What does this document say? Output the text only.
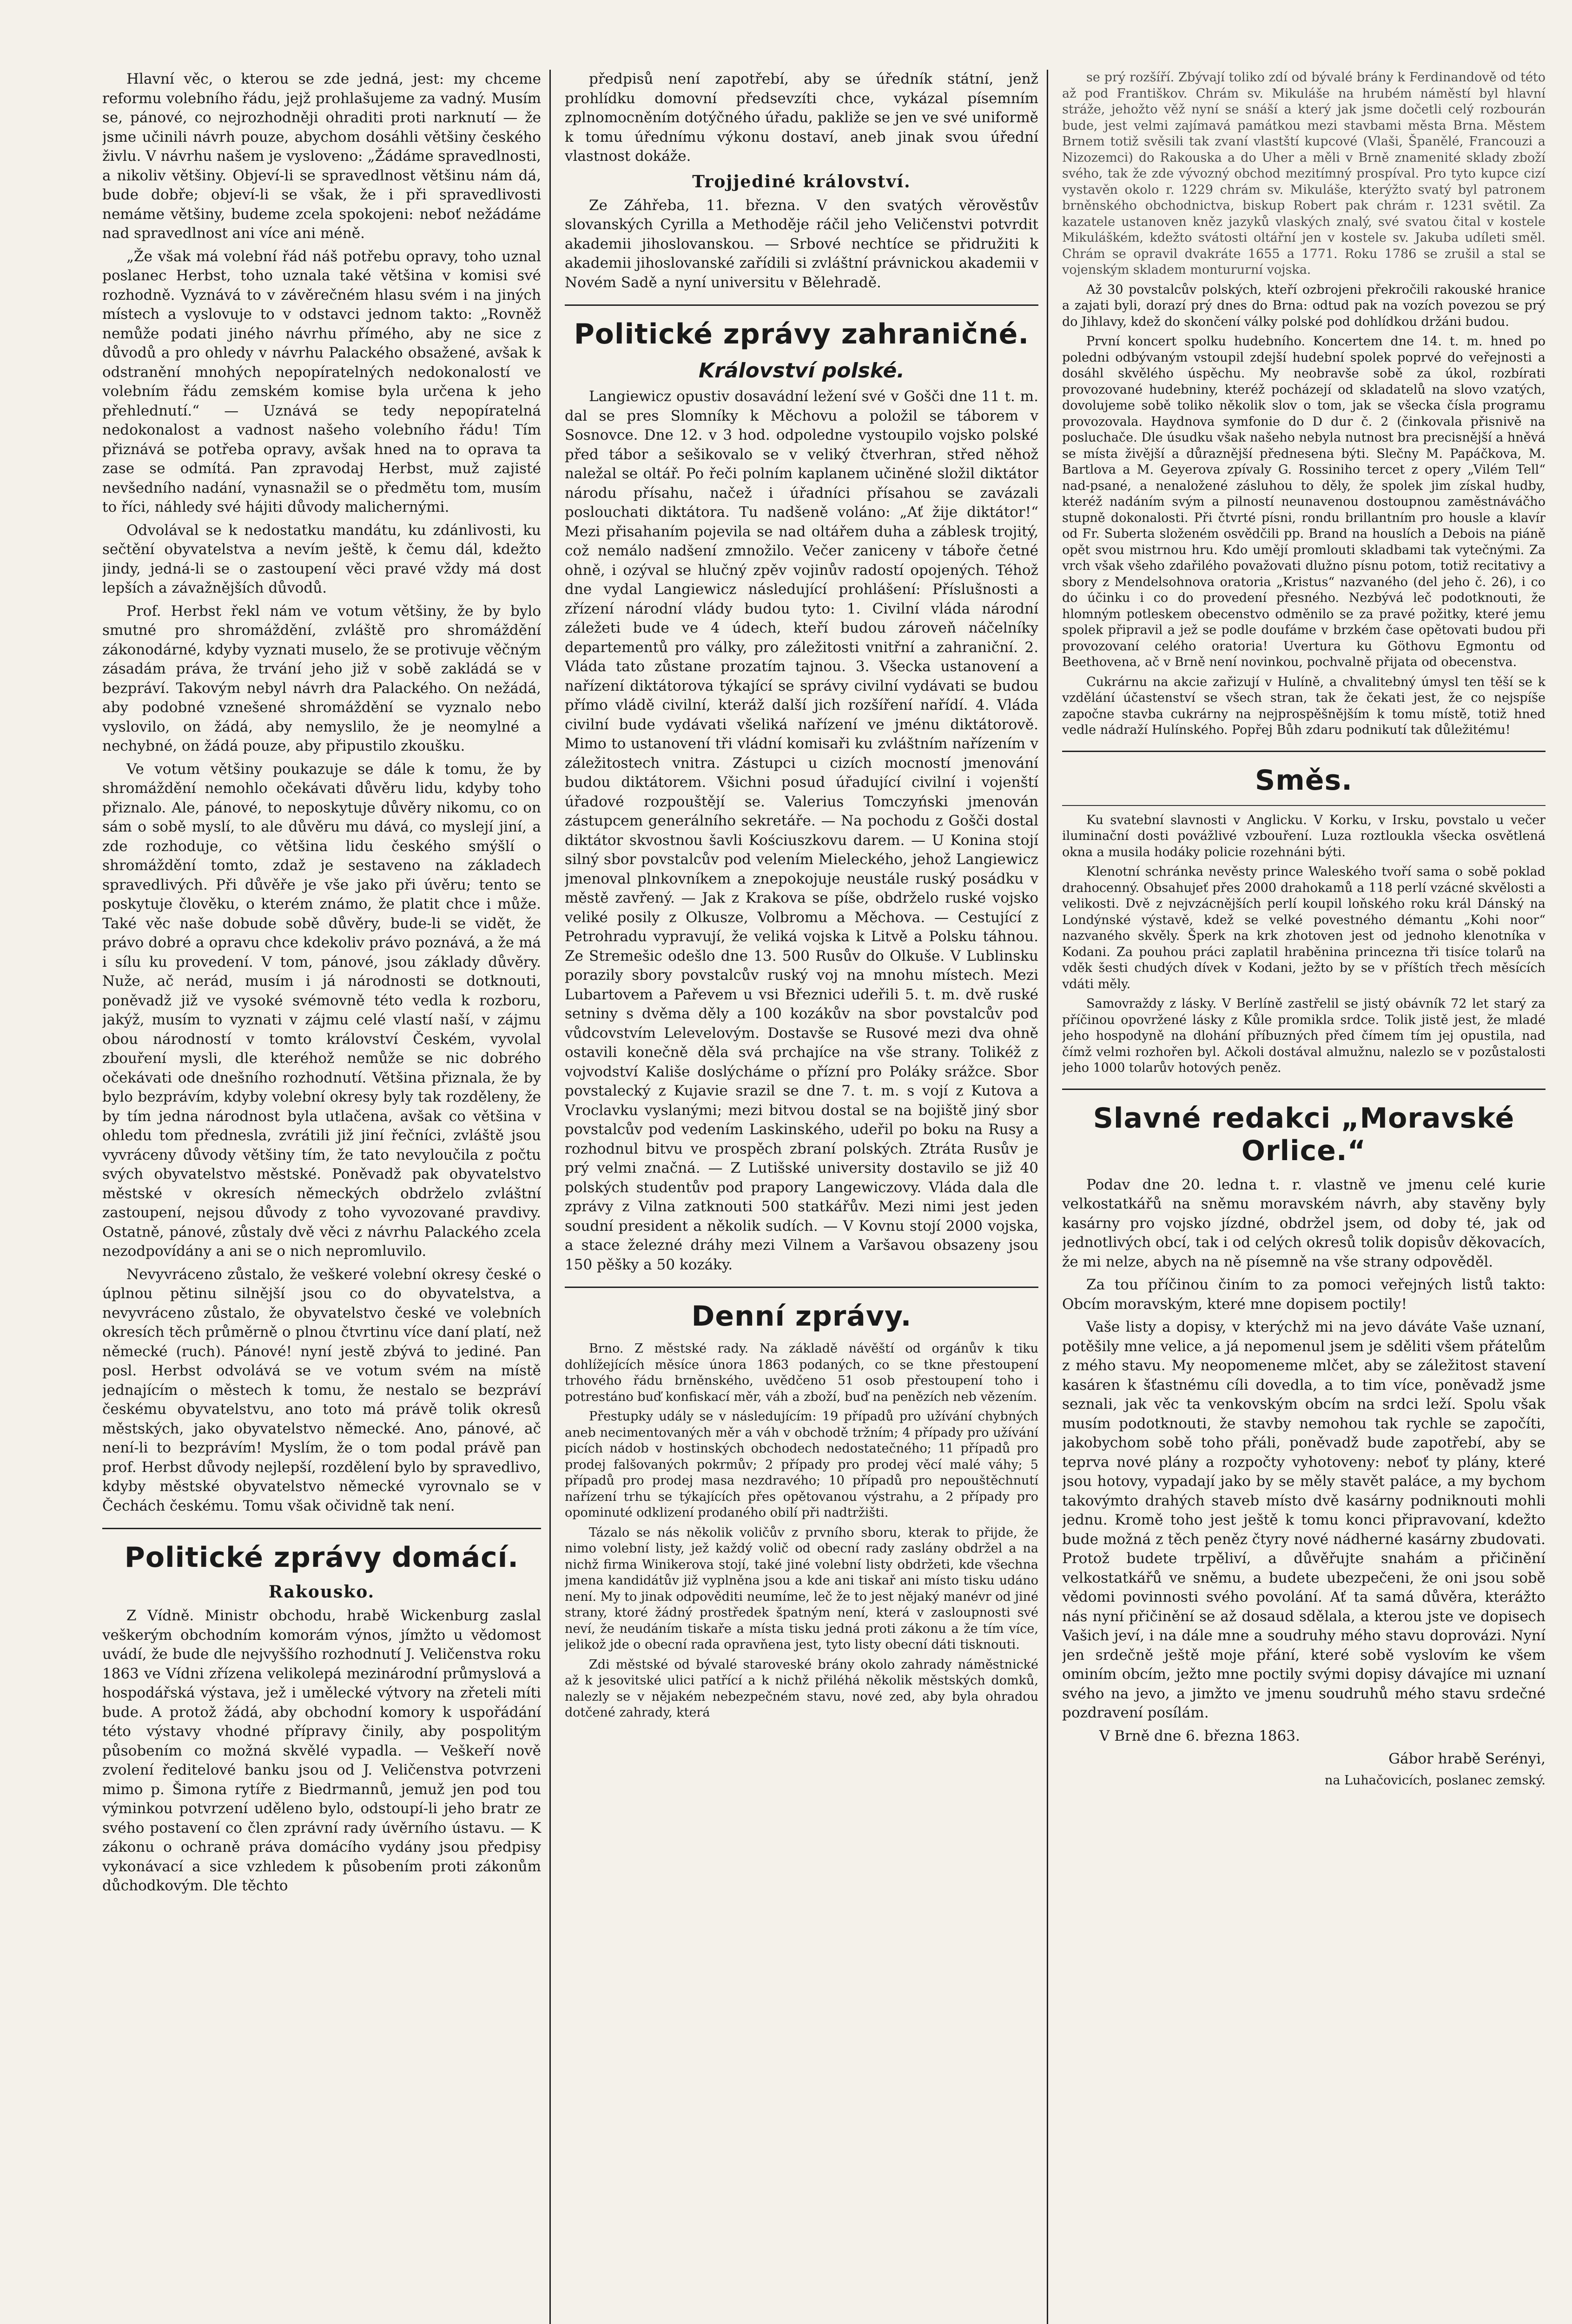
Hlavní věc, o kterou se zde jedná, jest: my chceme reformu volebního řádu, jejž prohlašujeme za vadný. Musím se, pánové, co nejrozhodněji ohraditi proti narknutí — že jsme učinili návrh pouze, abychom dosáhli většiny českého živlu. V návrhu našem je vysloveno: „Žádáme spravedlnosti, a nikoliv většiny. Objeví-li se spravedlnost většinu nám dá, bude dobře; objeví-li se však, že i při spravedlivosti nemáme většiny, budeme zcela spokojeni: neboť nežádáme nad spravedlnost ani více ani méně.

„Že však má volební řád náš potřebu opravy, toho uznal poslanec Herbst, toho uznala také většina v komisi své rozhodně. Vyznává to v závěrečném hlasu svém i na jiných místech a vyslovuje to v odstavci jednom takto: „Rovněž nemůže podati jiného návrhu přímého, aby ne sice z důvodů a pro ohledy v návrhu Palackého obsažené, avšak k odstranění mnohých nepopíratelných nedokonalostí ve volebním řádu zemském komise byla určena k jeho přehlednutí.“ — Uznává se tedy nepopíratelná nedokonalost a vadnost našeho volebního řádu! Tím přiznává se potřeba opravy, avšak hned na to oprava ta zase se odmítá. Pan zpravodaj Herbst, muž zajisté nevšedního nadání, vynasnažil se o předmětu tom, musím to říci, náhledy své hájiti důvody malichernými.

Odvolával se k nedostatku mandátu, ku zdánlivosti, ku sečtění obyvatelstva a nevím ještě, k čemu dál, kdežto jindy, jedná-li se o zastoupení věci pravé vždy má dost lepších a závažnějších důvodů.

Prof. Herbst řekl nám ve votum většiny, že by bylo smutné pro shromáždění, zvláště pro shromáždění zákonodárné, kdyby vyznati muselo, že se protivuje věčným zásadám práva, že trvání jeho již v sobě zakládá se v bezpráví. Takovým nebyl návrh dra Palackého. On nežádá, aby podobné vznešené shromáždění se vyznalo nebo vyslovilo, on žádá, aby nemyslilo, že je neomylné a nechybné, on žádá pouze, aby připustilo zkoušku.

Ve votum většiny poukazuje se dále k tomu, že by shromáždění nemohlo očekávati důvěru lidu, kdyby toho přiznalo. Ale, pánové, to neposkytuje důvěry nikomu, co on sám o sobě myslí, to ale důvěru mu dává, co myslejí jiní, a zde rozhoduje, co většina lidu českého smýšlí o shromáždění tomto, zdaž je sestaveno na základech spravedlivých. Při důvěře je vše jako při úvěru; tento se poskytuje člověku, o kterém známo, že platit chce i může. Také věc naše dobude sobě důvěry, bude-li se vidět, že právo dobré a opravu chce kdekoliv právo poznává, a že má i sílu ku provedení. V tom, pánové, jsou základy důvěry. Nuže, ač nerád, musím i já národnosti se dotknouti, poněvadž již ve vysoké svémovně této vedla k rozboru, jakýž, musím to vyznati v zájmu celé vlastí naší, v zájmu obou národností v tomto království Českém, vyvolal zbouření mysli, dle kteréhož nemůže se nic dobrého očekávati ode dnešního rozhodnutí. Většina přiznala, že by bylo bezprávím, kdyby volební okresy byly tak rozděleny, že by tím jedna národnost byla utlačena, avšak co většina v ohledu tom přednesla, zvrátili již jiní řečníci, zvláště jsou vyvráceny důvody většiny tím, že tato nevyloučila z počtu svých obyvatelstvo městské. Poněvadž pak obyvatelstvo městské v okresích německých obdrželo zvláštní zastoupení, nejsou důvody z toho vyvozované pravdivy. Ostatně, pánové, zůstaly dvě věci z návrhu Palackého zcela nezodpovídány a ani se o nich nepromluvilo.

Nevyvráceno zůstalo, že veškeré volební okresy české o úplnou pětinu silnější jsou co do obyvatelstva, a nevyvráceno zůstalo, že obyvatelstvo české ve volebních okresích těch průměrně o plnou čtvrtinu více daní platí, než německé (ruch). Pánové! nyní jestě zbývá to jediné. Pan posl. Herbst odvolává se ve votum svém na místě jednajícím o městech k tomu, že nestalo se bezpráví českému obyvatelstvu, ano toto má právě tolik okresů městských, jako obyvatelstvo německé. Ano, pánové, ač není-li to bezprávím! Myslím, že o tom podal právě pan prof. Herbst důvody nejlepší, rozdělení bylo by spravedlivo, kdyby městské obyvatelstvo německé vyrovnalo se v Čechách českému. Tomu však očividně tak není.

Politické zprávy domácí.
Rakousko.

Z Vídně. Ministr obchodu, hrabě Wickenburg zaslal veškerým obchodním komorám výnos, jímžto u vědomost uvádí, že bude dle nejvyššího rozhodnutí J. Veličenstva roku 1863 ve Vídni zřízena velikolepá mezinárodní průmyslová a hospodářská výstava, jež i umělecké výtvory na zřeteli míti bude. A protož žádá, aby obchodní komory k uspořádání této výstavy vhodné přípravy činily, aby pospolitým působením co možná skvělé vypadla. — Veškeří nově zvolení ředitelové banku jsou od J. Veličenstva potvrzeni mimo p. Šimona rytíře z Biedrmannů, jemuž jen pod tou výminkou potvrzení uděleno bylo, odstoupí-li jeho bratr ze svého postavení co člen zprávní rady úvěrního ústavu. — K zákonu o ochraně práva domácího vydány jsou předpisy vykonávací a sice vzhledem k působením proti zákonům důchodkovým. Dle těchto

předpisů není zapotřebí, aby se úředník státní, jenž prohlídku domovní předsevzíti chce, vykázal písemním zplnomocněním dotýčného úřadu, pakliže se jen ve své uniformě k tomu úřednímu výkonu dostaví, aneb jinak svou úřední vlastnost dokáže.

Trojjediné království.

Ze Záhřeba, 11. března. V den svatých věrověstův slovanských Cyrilla a Methoděje ráčil jeho Veličenstvi potvrdit akademii jihoslovanskou. — Srbové nechtíce se přidružiti k akademii jihoslovanské zařídili si zvláštní právnickou akademii v Novém Sadě a nyní universitu v Bělehradě.

Politické zprávy zahraničné.
Království polské.

Langiewicz opustiv dosavádní ležení své v Gošči dne 11 t. m. dal se pres Slomníky k Měchovu a položil se táborem v Sosnovce. Dne 12. v 3 hod. odpoledne vystoupilo vojsko polské před tábor a sešikovalo se v veliký čtverhran, střed něhož naležal se oltář. Po řeči polním kaplanem učiněné složil diktátor národu přísahu, načež i úřadníci přísahou se zavázali poslouchati diktátora. Tu nadšeně voláno: „Ať žije diktátor!“ Mezi přisahaním pojevila se nad oltářem duha a záblesk trojitý, což nemálo nadšení zmnožilo. Večer zaniceny v táboře četné ohně, i ozýval se hlučný zpěv vojinův radostí opojených. Téhož dne vydal Langiewicz následující prohlášení: Příslušnosti a zřízení národní vlády budou tyto: 1. Civilní vláda národní záležeti bude ve 4 údech, kteří budou zároveň náčelníky departementů pro války, pro záležitosti vnitřní a zahraniční. 2. Vláda tato zůstane prozatím tajnou. 3. Všecka ustanovení a nařízení diktátorova týkající se správy civilní vydávati se budou přímo vládě civilní, kteráž další jich rozšíření nařídí. 4. Vláda civilní bude vydávati všeliká nařízení ve jménu diktátorově. Mimo to ustanovení tři vládní komisaři ku zvláštním nařízením v záležitostech vnitra. Zástupci u cizích mocností jmenování budou diktátorem. Všichni posud úřadující civilní i vojenští úřadové rozpouštějí se. Valerius Tomczyński jmenován zástupcem generálního sekretáře. — Na pochodu z Gošči dostal diktátor skvostnou šavli Kościuszkovu darem. — U Konina stojí silný sbor povstalcův pod velením Mieleckého, jehož Langiewicz jmenoval plnkovníkem a znepokojuje neustále ruský posádku v městě zavřený. — Jak z Krakova se píše, obdrželo ruské vojsko veliké posily z Olkusze, Volbromu a Měchova. — Cestující z Petrohradu vypravují, že veliká vojska k Litvě a Polsku táhnou. Ze Stremešic odešlo dne 13. 500 Rusův do Olkuše. V Lublinsku porazily sbory povstalcův ruský voj na mnohu místech. Mezi Lubartovem a Pařevem u vsi Březnici udeřili 5. t. m. dvě ruské setniny s dvěma děly a 100 kozákův na sbor povstalcův pod vůdcovstvím Lelevelovým. Dostavše se Rusové mezi dva ohně ostavili konečně děla svá prchajíce na vše strany. Tolikéž z vojvodství Kališe doslýcháme o přízní pro Poláky srážce. Sbor povstalecký z Kujavie srazil se dne 7. t. m. s vojí z Kutova a Vroclavku vyslanými; mezi bitvou dostal se na bojiště jiný sbor povstalcův pod vedením Laskinského, udeřil po boku na Rusy a rozhodnul bitvu ve prospěch zbraní polských. Ztráta Rusův je prý velmi značná. — Z Lutišské university dostavilo se již 40 polských studentův pod prapory Langewiczovy. Vláda dala dle zprávy z Vilna zatknouti 500 statkářův. Mezi nimi jest jeden soudní president a několik sudích. — V Kovnu stojí 2000 vojska, a stace železné dráhy mezi Vilnem a Varšavou obsazeny jsou 150 pěšky a 50 kozáky.

Denní zprávy.

Brno. Z městské rady. Na základě návěští od orgánův k tiku dohlížejících měsíce února 1863 podaných, co se tkne přestoupení trhového řádu brněnského, uvědčeno 51 osob přestoupení toho i potrestáno buď konfiskací měr, váh a zboží, buď na penězích neb vězením.

Přestupky udály se v následujícím: 19 případů pro užívání chybných aneb necimentovaných měr a váh v obchodě tržním; 4 případy pro užívání picích nádob v hostinských obchodech nedostatečného; 11 případů pro prodej falšovaných pokrmův; 2 případy pro prodej věcí malé váhy; 5 případů pro prodej masa nezdravého; 10 případů pro nepouštěchnutí nařízení trhu se týkajících přes opětovanou výstrahu, a 2 případy pro opominuté odklizení prodaného obilí při nadtržišti.

Tázalo se nás několik voličův z prvního sboru, kterak to přijde, že nimo volební listy, jež každý volič od obecní rady zaslány obdržel a na nichž firma Winikerova stojí, také jiné volební listy obdržeti, kde všechna jmena kandidátův již vyplněna jsou a kde ani tiskař ani místo tisku udáno není. My to jinak odpověditi neumíme, leč že to jest nějaký manévr od jiné strany, ktoré žádný prostředek špatným není, která v zasloupnosti své neví, že neudáním tiskaře a místa tisku jedná proti zákonu a že tím více, jelikož jde o obecní rada opravňena jest, tyto listy obecní dáti tisknouti.

Zdi městské od bývalé staroveské brány okolo zahrady náměstnické až k jesovitské ulici patřící a k nichž přiléhá několik městských domků, nalezly se v nějakém nebezpečném stavu, nové zed, aby byla ohradou dotčené zahrady, která

se prý rozšíří. Zbývají toliko zdí od bývalé brány k Ferdinandově od této až pod Františkov. Chrám sv. Mikuláše na hrubém náměstí byl hlavní stráže, jehožto věž nyní se snáší a který jak jsme dočetli celý rozbourán bude, jest velmi zajímavá památkou mezi stavbami města Brna. Městem Brnem totiž svěsili tak zvaní vlastští kupcové (Vlaši, Španělé, Francouzi a Nizozemci) do Rakouska a do Uher a měli v Brně znamenité sklady zboží svého, tak že zde vývozný obchod mezitímný prospíval. Pro tyto kupce cizí vystavěn okolo r. 1229 chrám sv. Mikuláše, kterýžto svatý byl patronem brněnského obchodnictva, biskup Robert pak chrám r. 1231 světil. Za kazatele ustanoven kněz jazyků vlaských znalý, své svatou čital v kostele Mikuláškém, kdežto svátosti oltářní jen v kostele sv. Jakuba udíleti směl. Chrám se opravil dvakráte 1655 a 1771. Roku 1786 se zrušil a stal se vojenským skladem montururní vojska.

Až 30 povstalcův polských, kteří ozbrojeni překročili rakouské hranice a zajati byli, dorazí prý dnes do Brna: odtud pak na vozích povezou se prý do Jihlavy, kdež do skončení války polské pod dohlídkou držáni budou.

První koncert spolku hudebního. Koncertem dne 14. t. m. hned po poledni odbývaným vstoupil zdejší hudební spolek poprvé do veřejnosti a dosáhl skvělého úspěchu. My neobravše sobě za úkol, rozbírati provozované hudebniny, kteréž pocházejí od skladatelů na slovo vzatých, dovolujeme sobě toliko několik slov o tom, jak se všecka čísla programu provozovala. Haydnova symfonie do D dur č. 2 (činkovala přisnivě na posluchače. Dle úsudku však našeho nebyla nutnost bra precisnější a hněvá se místa živější a důraznější přednesena býti. Slečny M. Papáčkova, M. Bartlova a M. Geyerova zpívaly G. Rossiniho tercet z opery „Vilém Tell“ nad-psané, a nenaložené zásluhou to děly, že spolek jim získal hudby, kteréž nadáním svým a pilností neunavenou dostoupnou zaměstnáváčho stupně dokonalosti. Při čtvrté písni, rondu brillantním pro housle a klavír od Fr. Suberta složeném osvědčili pp. Brand na houslích a Debois na piáně opět svou mistrnou hru. Kdo umějí promlouti skladbami tak vytečnými. Za vrch však všeho zdařilého považovati dlužno písnu potom, totiž recitativy a sbory z Mendelsohnova oratoria „Kristus“ nazvaného (del jeho č. 26), i co do účinku i co do provedení přesného. Nezbývá leč podotknouti, že hlomným potleskem obecenstvo odměnilo se za pravé požitky, které jemu spolek připravil a jež se podle doufáme v brzkém čase opětovati budou při provozovaní celého oratoria! Uvertura ku Göthovu Egmontu od Beethovena, ač v Brně není novinkou, pochvalně přijata od obecenstva.

Cukrárnu na akcie zařizují v Hulíně, a chvalitebný úmysl ten těší se k vzdělání účastenství se všech stran, tak že čekati jest, že co nejspíše započne stavba cukrárny na nejprospěšnějším k tomu místě, totiž hned vedle nádraží Hulínského. Popřej Bůh zdaru podnikutí tak důležitému!

Směs.

Ku svatební slavnosti v Anglicku. V Korku, v Irsku, povstalo u večer iluminační dosti povážlivé vzbouření. Luza roztloukla všecka osvětlená okna a musila hodáky policie rozehnáni býti.

Klenotní schránka nevěsty prince Waleského tvoří sama o sobě poklad drahocenný. Obsahujeť přes 2000 drahokamů a 118 perlí vzácné skvělosti a velikosti. Dvě z nejvzácnějších perlí koupil loňského roku král Dánský na Londýnské výstavě, kdež se velké povestného démantu „Kohi noor“ nazvaného skvěly. Šperk na krk zhotoven jest od jednoho klenotníka v Kodani. Za pouhou práci zaplatil hraběnina princezna tři tisíce tolarů na vděk šesti chudých dívek v Kodani, ježto by se v příštích třech měsících vdáti měly.

Samovraždy z lásky. V Berlíně zastřelil se jistý obávník 72 let starý za příčinou opovržené lásky z Kůle promikla srdce. Tolik jistě jest, že mladé jeho hospodyně na dlohání příbuzných před čímem tím jej opustila, nad čímž velmi rozhořen byl. Ačkoli dostával almužnu, nalezlo se v pozůstalosti jeho 1000 tolarův hotových peněz.

Slavné redakci „Moravské Orlice.“

Podav dne 20. ledna t. r. vlastně ve jmenu celé kurie velkostatkářů na sněmu moravském návrh, aby stavěny byly kasárny pro vojsko jízdné, obdržel jsem, od doby té, jak od jednotlivých obcí, tak i od celých okresů tolik dopisův děkovacích, že mi nelze, abych na ně písemně na vše strany odpověděl.

Za tou příčinou činím to za pomoci veřejných listů takto: Obcím moravským, které mne dopisem poctily!

Vaše listy a dopisy, v kterýchž mi na jevo dáváte Vaše uznaní, potěšily mne velice, a já nepomenul jsem je sděliti všem přátelům z mého stavu. My neopomeneme mlčet, aby se záležitost stavení kasáren k šťastnému cíli dovedla, a to tim více, poněvadž jsme seznali, jak věc ta venkovským obcím na srdci leží. Spolu však musím podotknouti, že stavby nemohou tak rychle se započíti, jakobychom sobě toho přáli, poněvadž bude zapotřebí, aby se teprva nové plány a rozpočty vyhotoveny: neboť ty plány, které jsou hotovy, vypadají jako by se měly stavět paláce, a my bychom takovýmto drahých staveb místo dvě kasárny podniknouti mohli jednu. Kromě toho jest ještě k tomu konci připravovaní, kdežto bude možná z těch peněz čtyry nové nádherné kasárny zbudovati. Protož budete trpěliví, a důvěřujte snahám a přičinění velkostatkářů ve sněmu, a budete ubezpečeni, že oni jsou sobě vědomi povinnosti svého povolání. Ať ta samá důvěra, kterážto nás nyní přičinění se až dosaud sdělala, a kterou jste ve dopisech Vašich jeví, i na dále mne a soudruhy mého stavu doprovázi. Nyní jen srdečně ještě moje přání, které sobě vyslovím ke všem ominím obcím, ježto mne poctily svými dopisy dávajíce mi uznaní svého na jevo, a jimžto ve jmenu soudruhů mého stavu srdečné pozdravení posílám.

V Brně dne 6. března 1863.

Gábor hrabě Serényi,

na Luhačovicích, poslanec zemský.
